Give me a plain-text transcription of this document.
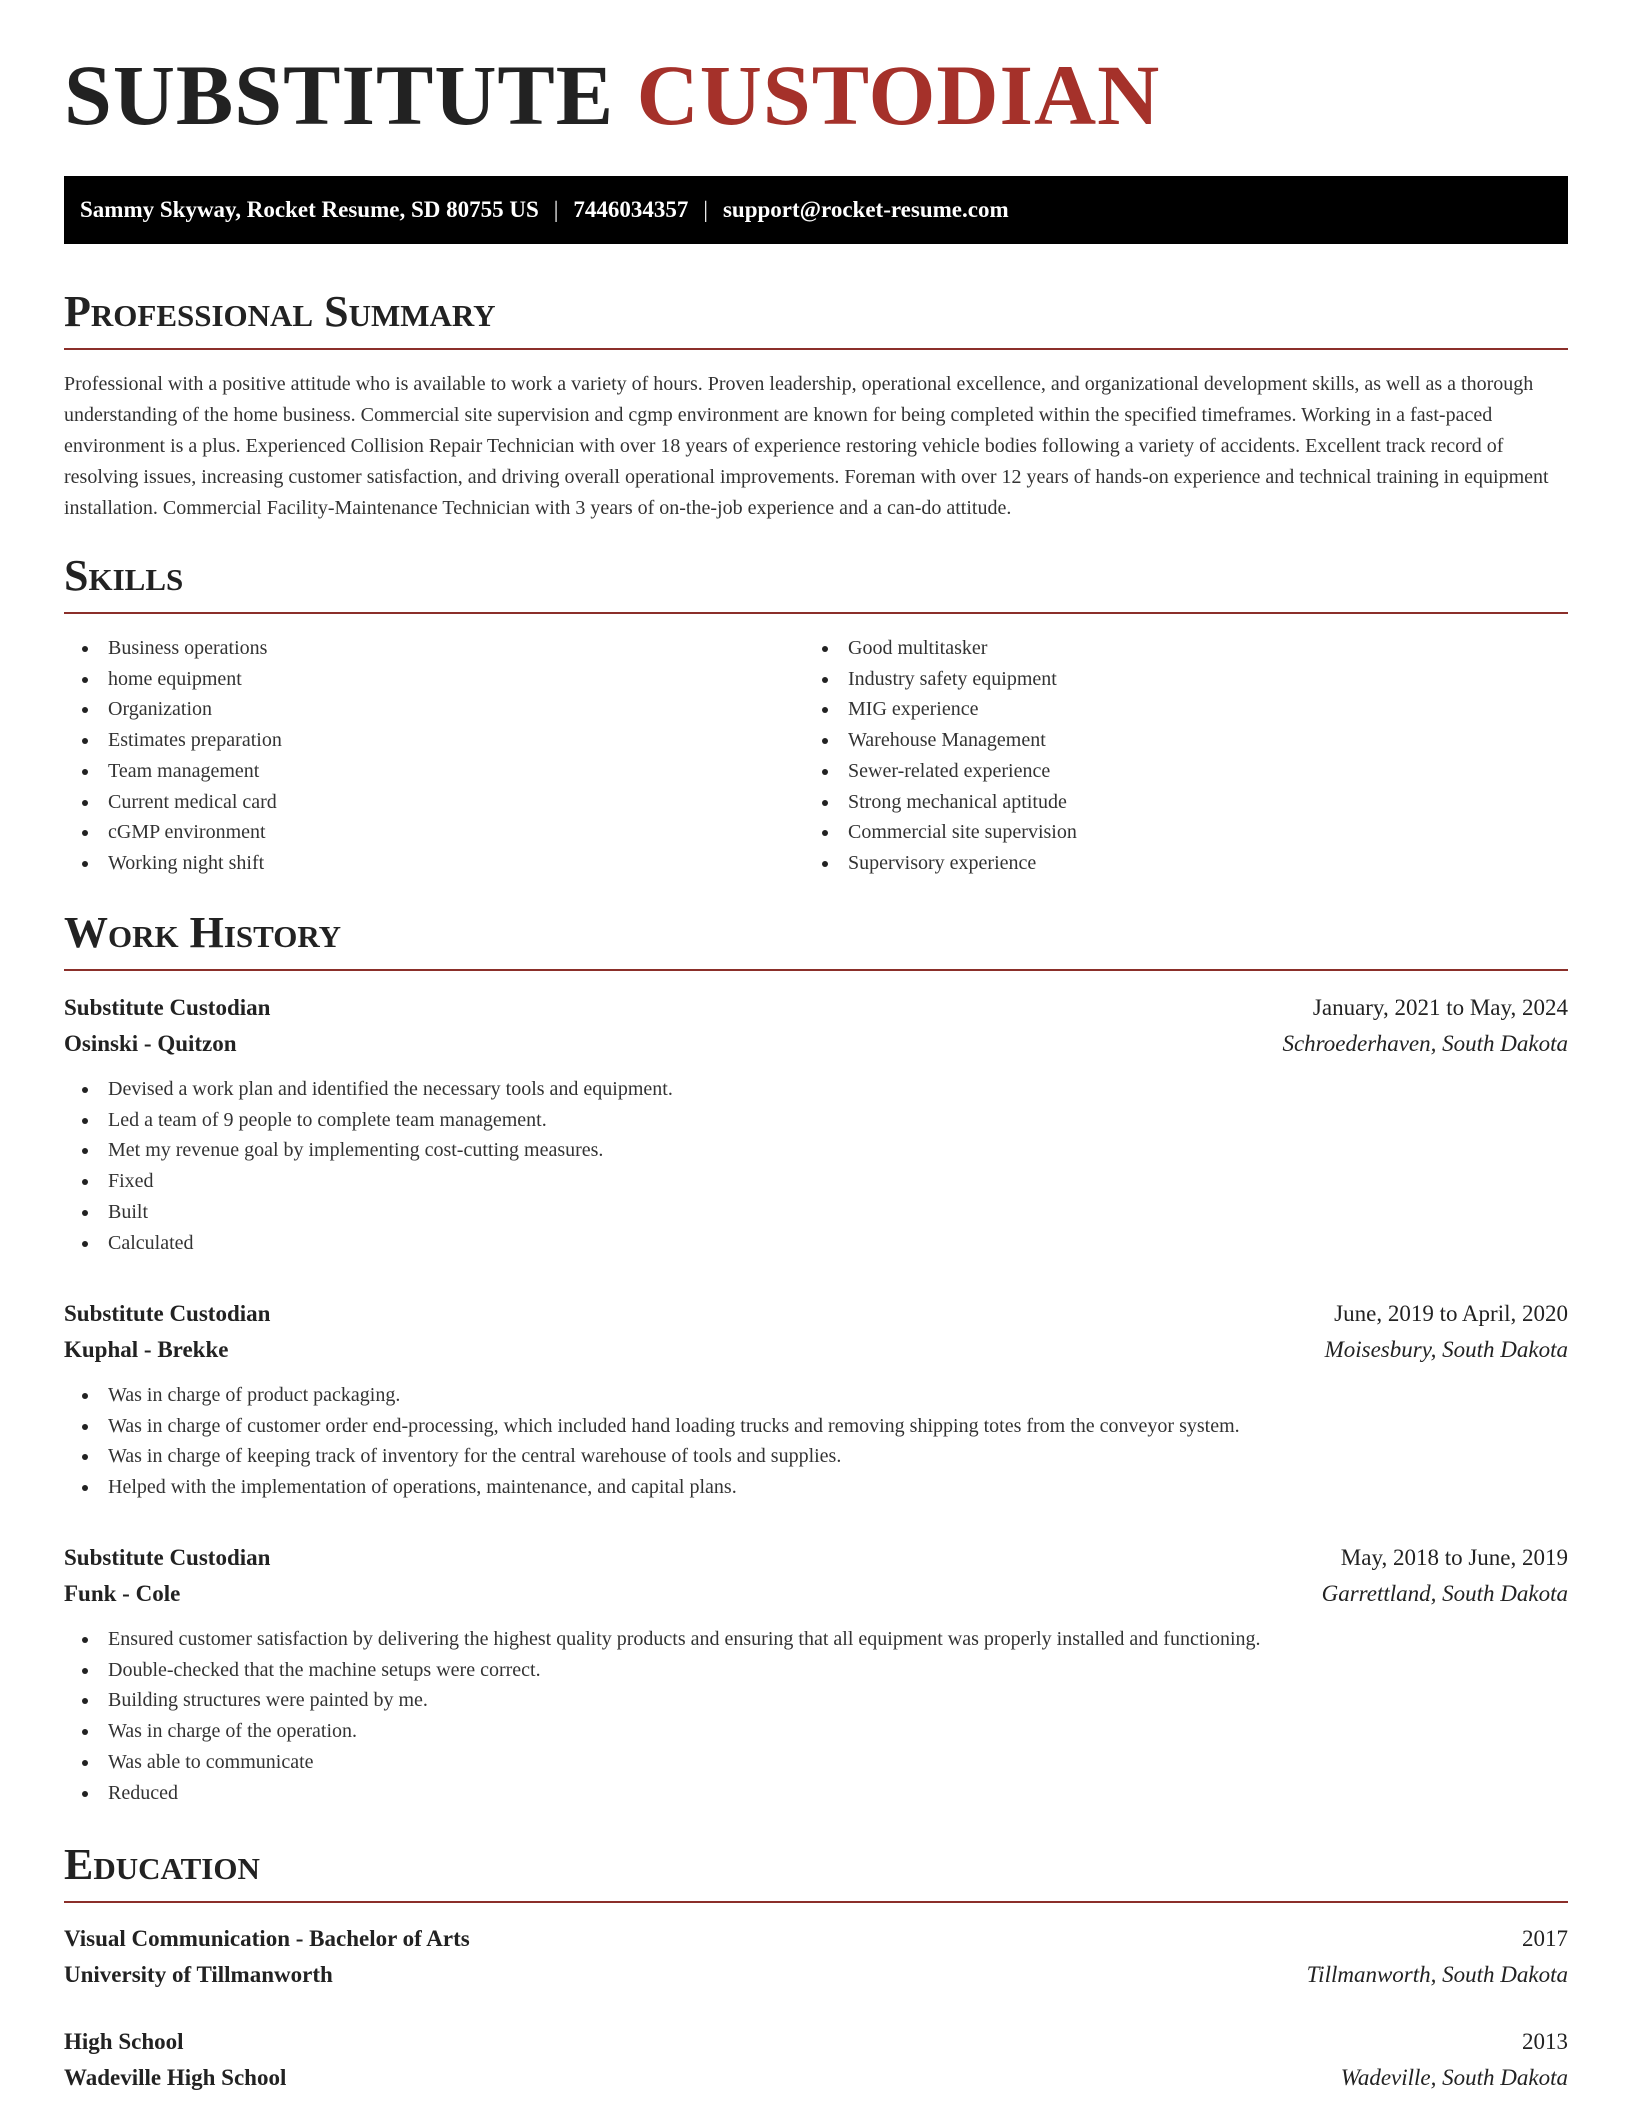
SUBSTITUTE CUSTODIAN
Sammy Skyway, Rocket Resume, SD 80755 US | 7446034357 | support@rocket-resume.com
Professional Summary

Professional with a positive attitude who is available to work a variety of hours. Proven leadership, operational excellence, and organizational development skills, as well as a thorough understanding of the home business. Commercial site supervision and cgmp environment are known for being completed within the specified timeframes. Working in a fast-paced environment is a plus. Experienced Collision Repair Technician with over 18 years of experience restoring vehicle bodies following a variety of accidents. Excellent track record of resolving issues, increasing customer satisfaction, and driving overall operational improvements. Foreman with over 12 years of hands-on experience and technical training in equipment installation. Commercial Facility-Maintenance Technician with 3 years of on-the-job experience and a can-do attitude.

Skills
Business operations
home equipment
Organization
Estimates preparation
Team management
Current medical card
cGMP environment
Working night shift
Good multitasker
Industry safety equipment
MIG experience
Warehouse Management
Sewer-related experience
Strong mechanical aptitude
Commercial site supervision
Supervisory experience
Work History
Substitute Custodian	January, 2021 to May, 2024
Osinski - Quitzon	Schroederhaven, South Dakota
Devised a work plan and identified the necessary tools and equipment.
Led a team of 9 people to complete team management.
Met my revenue goal by implementing cost-cutting measures.
Fixed
Built
Calculated
Substitute Custodian	June, 2019 to April, 2020
Kuphal - Brekke	Moisesbury, South Dakota
Was in charge of product packaging.
Was in charge of customer order end-processing, which included hand loading trucks and removing shipping totes from the conveyor system.
Was in charge of keeping track of inventory for the central warehouse of tools and supplies.
Helped with the implementation of operations, maintenance, and capital plans.
Substitute Custodian	May, 2018 to June, 2019
Funk - Cole	Garrettland, South Dakota
Ensured customer satisfaction by delivering the highest quality products and ensuring that all equipment was properly installed and functioning.
Double-checked that the machine setups were correct.
Building structures were painted by me.
Was in charge of the operation.
Was able to communicate
Reduced
Education
Visual Communication - Bachelor of Arts	2017
University of Tillmanworth	Tillmanworth, South Dakota
High School	2013
Wadeville High School	Wadeville, South Dakota
